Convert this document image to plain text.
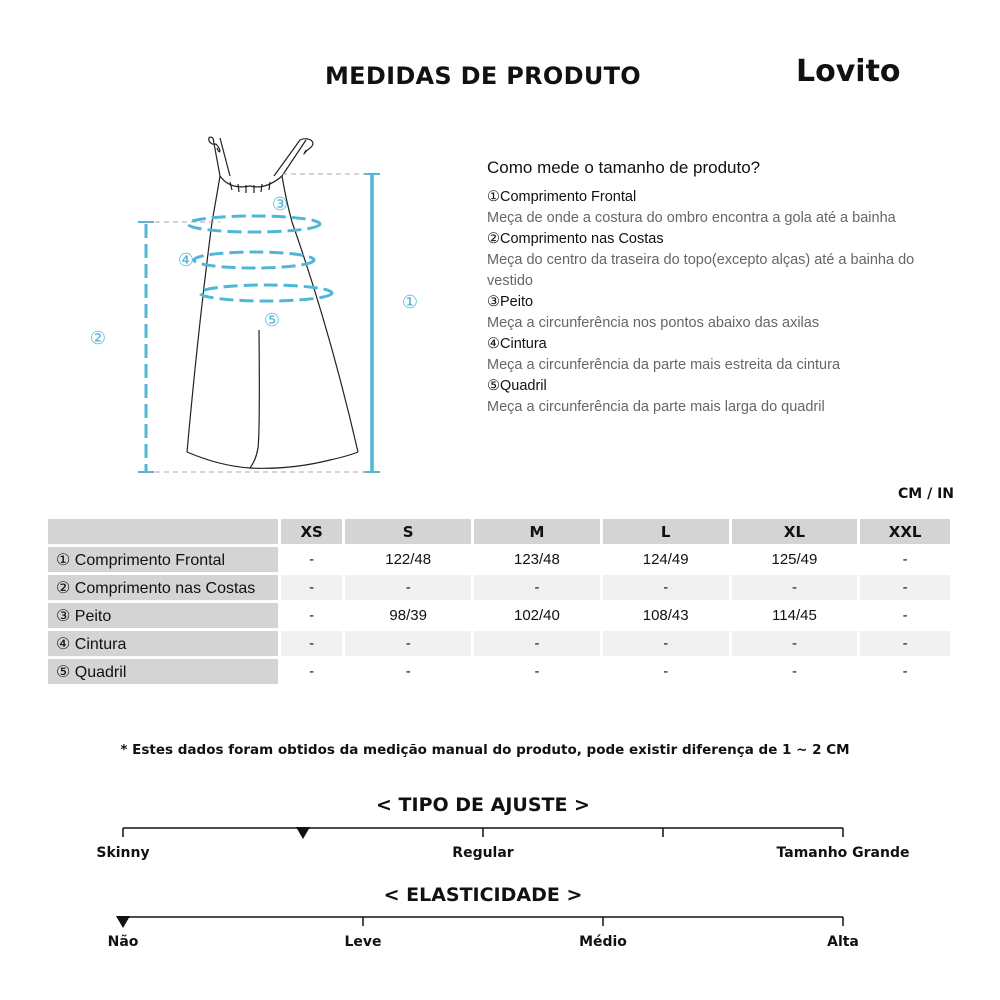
MEDIDAS DE PRODUTO	Lovito
①
②
③
④
⑤
Como mede o tamanho de produto?
①Comprimento Frontal
Meça de onde a costura do ombro encontra a gola até a bainha
②Comprimento nas Costas
Meça do centro da traseira do topo(excepto alças) até a bainha do vestido
③Peito
Meça a circunferência nos pontos abaixo das axilas
④Cintura
Meça a circunferência da parte mais estreita da cintura
⑤Quadril
Meça a circunferência da parte mais larga do quadril
CM / IN
	XS	S	M	L	XL	XXL
① Comprimento Frontal	-	122/48	123/48	124/49	125/49	-
② Comprimento nas Costas	-	-	-	-	-	-
③ Peito	-	98/39	102/40	108/43	114/45	-
④ Cintura	-	-	-	-	-	-
⑤ Quadril	-	-	-	-	-	-
* Estes dados foram obtidos da medição manual do produto, pode existir diferença de 1 ~ 2 CM
< TIPO DE AJUSTE >
< ELASTICIDADE >
Skinny	Regular	Tamanho Grande
Não	Leve	Médio	Alta
